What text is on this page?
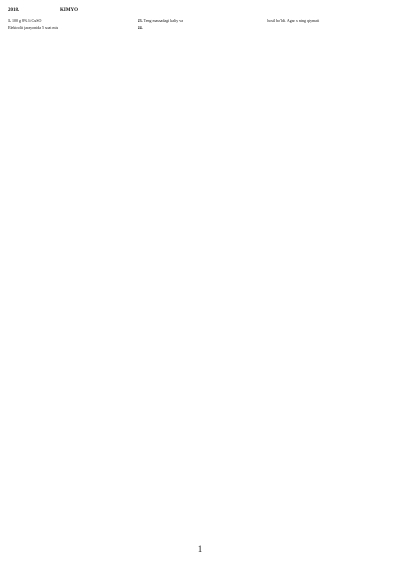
2018.	KIMYO
1. 100 g 8% li CuSO
Elektrolit jarayonida 5 soat mis
23. Teng massadagi kaliy va
24.
hosil bo'ldi. Agar x ning qiymati
1
